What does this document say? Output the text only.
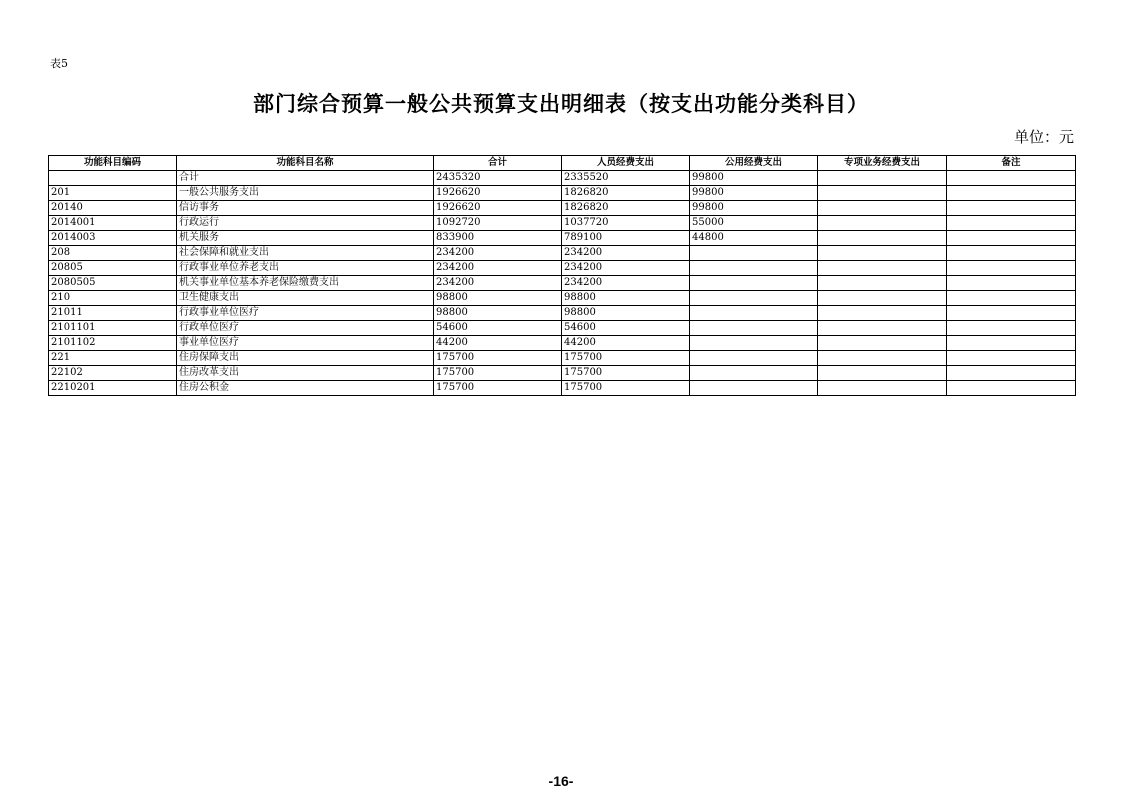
表5
部门综合预算一般公共预算支出明细表（按支出功能分类科目）
单位：元
功能科目编码	功能科目名称	合计	人员经费支出	公用经费支出	专项业务经费支出	备注
	合计	2435320	2335520	99800		
201	一般公共服务支出	1926620	1826820	99800		
20140	信访事务	1926620	1826820	99800		
2014001	行政运行	1092720	1037720	55000		
2014003	机关服务	833900	789100	44800		
208	社会保障和就业支出	234200	234200			
20805	行政事业单位养老支出	234200	234200			
2080505	机关事业单位基本养老保险缴费支出	234200	234200			
210	卫生健康支出	98800	98800			
21011	行政事业单位医疗	98800	98800			
2101101	行政单位医疗	54600	54600			
2101102	事业单位医疗	44200	44200			
221	住房保障支出	175700	175700			
22102	住房改革支出	175700	175700			
2210201	住房公积金	175700	175700			
-16-
